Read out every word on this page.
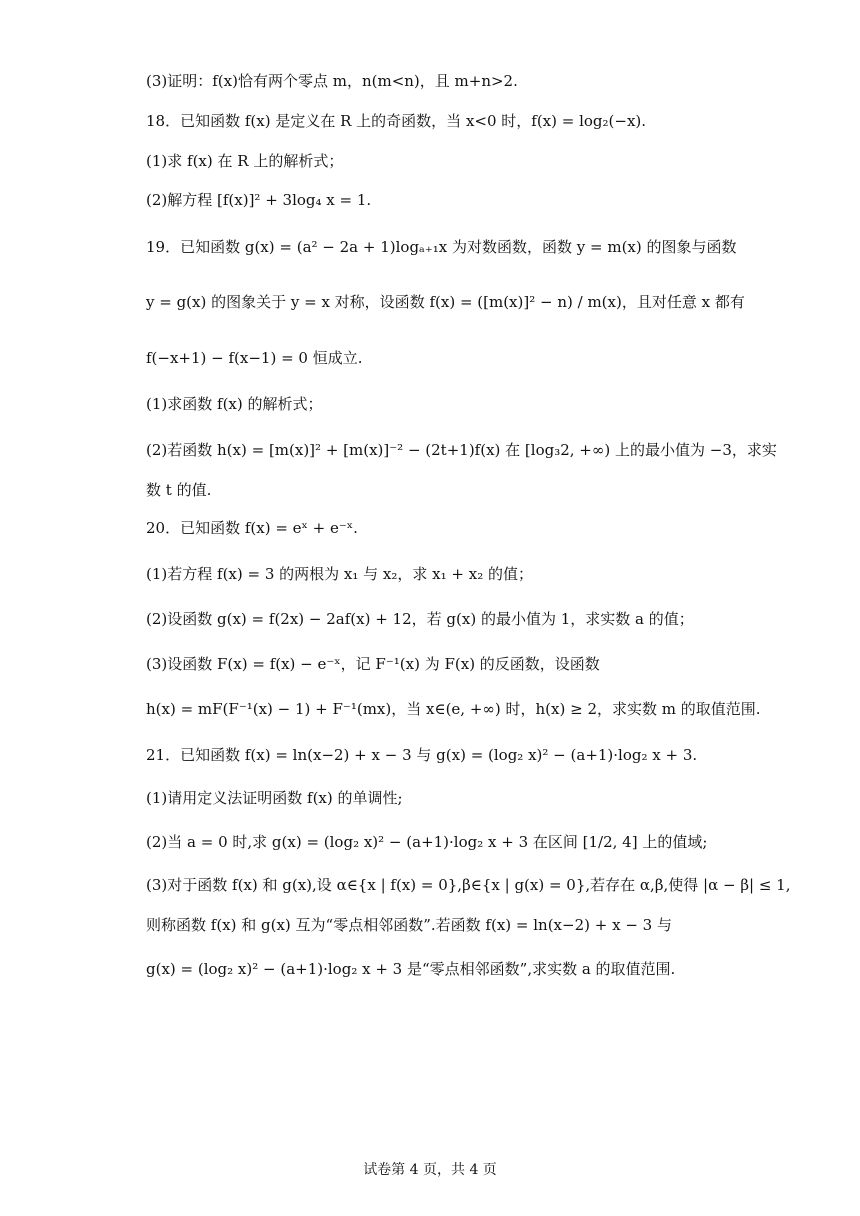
(3)证明：f(x)恰有两个零点 m，n(m<n)，且 m+n>2.
18．已知函数 f(x) 是定义在 R 上的奇函数，当 x<0 时，f(x) = log₂(−x).
(1)求 f(x) 在 R 上的解析式；
(2)解方程 [f(x)]² + 3log₄ x = 1.
19．已知函数 g(x) = (a² − 2a + 1)logₐ₊₁x 为对数函数，函数 y = m(x) 的图象与函数
y = g(x) 的图象关于 y = x 对称，设函数 f(x) = ([m(x)]² − n) / m(x)，且对任意 x 都有
f(−x+1) − f(x−1) = 0 恒成立.
(1)求函数 f(x) 的解析式；
(2)若函数 h(x) = [m(x)]² + [m(x)]⁻² − (2t+1)f(x) 在 [log₃2, +∞) 上的最小值为 −3，求实
数 t 的值.
20．已知函数 f(x) = eˣ + e⁻ˣ.
(1)若方程 f(x) = 3 的两根为 x₁ 与 x₂，求 x₁ + x₂ 的值；
(2)设函数 g(x) = f(2x) − 2af(x) + 12，若 g(x) 的最小值为 1，求实数 a 的值；
(3)设函数 F(x) = f(x) − e⁻ˣ，记 F⁻¹(x) 为 F(x) 的反函数，设函数
h(x) = mF(F⁻¹(x) − 1) + F⁻¹(mx)，当 x∈(e, +∞) 时，h(x) ≥ 2，求实数 m 的取值范围.
21．已知函数 f(x) = ln(x−2) + x − 3 与 g(x) = (log₂ x)² − (a+1)·log₂ x + 3.
(1)请用定义法证明函数 f(x) 的单调性;
(2)当 a = 0 时,求 g(x) = (log₂ x)² − (a+1)·log₂ x + 3 在区间 [1/2, 4] 上的值域;
(3)对于函数 f(x) 和 g(x),设 α∈{x | f(x) = 0},β∈{x | g(x) = 0},若存在 α,β,使得 |α − β| ≤ 1,
则称函数 f(x) 和 g(x) 互为“零点相邻函数”.若函数 f(x) = ln(x−2) + x − 3 与
g(x) = (log₂ x)² − (a+1)·log₂ x + 3 是“零点相邻函数”,求实数 a 的取值范围.
试卷第 4 页，共 4 页
